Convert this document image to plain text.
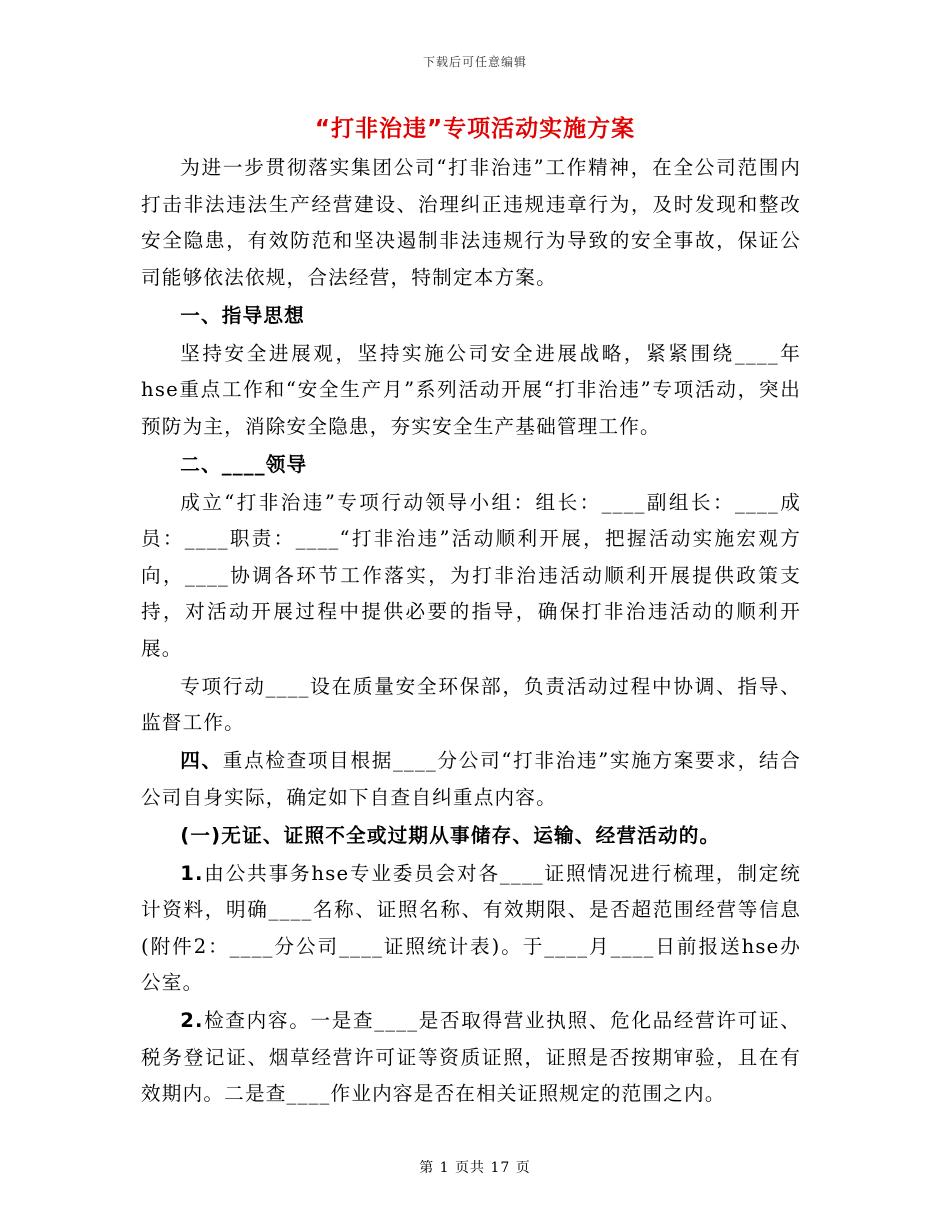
下载后可任意编辑
“打非治违”专项活动实施方案

为进一步贯彻落实集团公司“打非治违”工作精神，在全公司范围内打击非法违法生产经营建设、治理纠正违规违章行为，及时发现和整改安全隐患，有效防范和坚决遏制非法违规行为导致的安全事故，保证公司能够依法依规，合法经营，特制定本方案。

一、指导思想

坚持安全进展观，坚持实施公司安全进展战略，紧紧围绕____年hse重点工作和“安全生产月”系列活动开展“打非治违”专项活动，突出预防为主，消除安全隐患，夯实安全生产基础管理工作。

二、____领导

成立“打非治违”专项行动领导小组：组长：____副组长：____成员：____职责：____“打非治违”活动顺利开展，把握活动实施宏观方向，____协调各环节工作落实，为打非治违活动顺利开展提供政策支持，对活动开展过程中提供必要的指导，确保打非治违活动的顺利开展。

专项行动____设在质量安全环保部，负责活动过程中协调、指导、监督工作。

四、重点检查项目根据____分公司“打非治违”实施方案要求，结合公司自身实际，确定如下自查自纠重点内容。

(一)无证、证照不全或过期从事储存、运输、经营活动的。

1.由公共事务hse专业委员会对各____证照情况进行梳理，制定统计资料，明确____名称、证照名称、有效期限、是否超范围经营等信息(附件2：____分公司____证照统计表)。于____月____日前报送hse办公室。

2.检查内容。一是查____是否取得营业执照、危化品经营许可证、税务登记证、烟草经营许可证等资质证照，证照是否按期审验，且在有效期内。二是查____作业内容是否在相关证照规定的范围之内。

第 1 页共 17 页
